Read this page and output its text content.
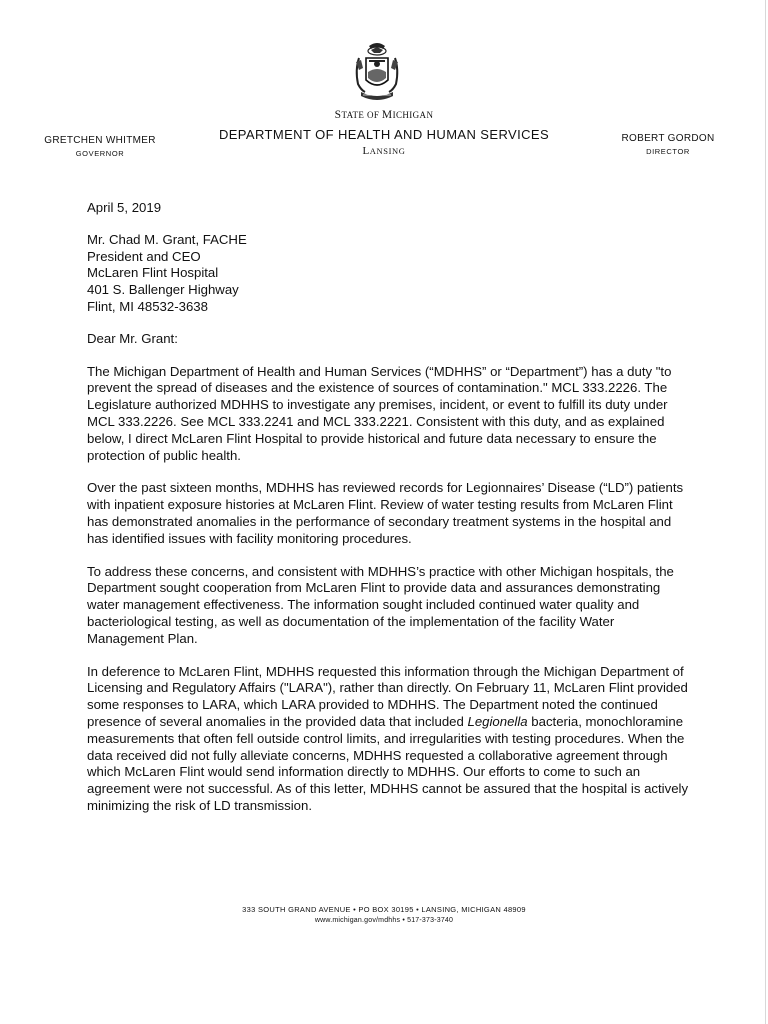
STATE OF MICHIGAN
DEPARTMENT OF HEALTH AND HUMAN SERVICES
LANSING
GRETCHEN WHITMER
GOVERNOR
ROBERT GORDON
DIRECTOR

April 5, 2019

Mr. Chad M. Grant, FACHE
President and CEO
McLaren Flint Hospital
401 S. Ballenger Highway
Flint, MI 48532-3638

Dear Mr. Grant:

The Michigan Department of Health and Human Services (“MDHHS” or “Department”) has a duty "to prevent the spread of diseases and the existence of sources of contamination." MCL 333.2226. The Legislature authorized MDHHS to investigate any premises, incident, or event to fulfill its duty under MCL 333.2226. See MCL 333.2241 and MCL 333.2221. Consistent with this duty, and as explained below, I direct McLaren Flint Hospital to provide historical and future data necessary to ensure the protection of public health.

Over the past sixteen months, MDHHS has reviewed records for Legionnaires’ Disease (“LD”) patients with inpatient exposure histories at McLaren Flint. Review of water testing results from McLaren Flint has demonstrated anomalies in the performance of secondary treatment systems in the hospital and has identified issues with facility monitoring procedures.

To address these concerns, and consistent with MDHHS’s practice with other Michigan hospitals, the Department sought cooperation from McLaren Flint to provide data and assurances demonstrating water management effectiveness. The information sought included continued water quality and bacteriological testing, as well as documentation of the implementation of the facility Water Management Plan.

In deference to McLaren Flint, MDHHS requested this information through the Michigan Department of Licensing and Regulatory Affairs ("LARA"), rather than directly. On February 11, McLaren Flint provided some responses to LARA, which LARA provided to MDHHS. The Department noted the continued presence of several anomalies in the provided data that included Legionella bacteria, monochloramine measurements that often fell outside control limits, and irregularities with testing procedures. When the data received did not fully alleviate concerns, MDHHS requested a collaborative agreement through which McLaren Flint would send information directly to MDHHS. Our efforts to come to such an agreement were not successful. As of this letter, MDHHS cannot be assured that the hospital is actively minimizing the risk of LD transmission.

333 SOUTH GRAND AVENUE • PO BOX 30195 • LANSING, MICHIGAN 48909
www.michigan.gov/mdhhs • 517-373-3740
